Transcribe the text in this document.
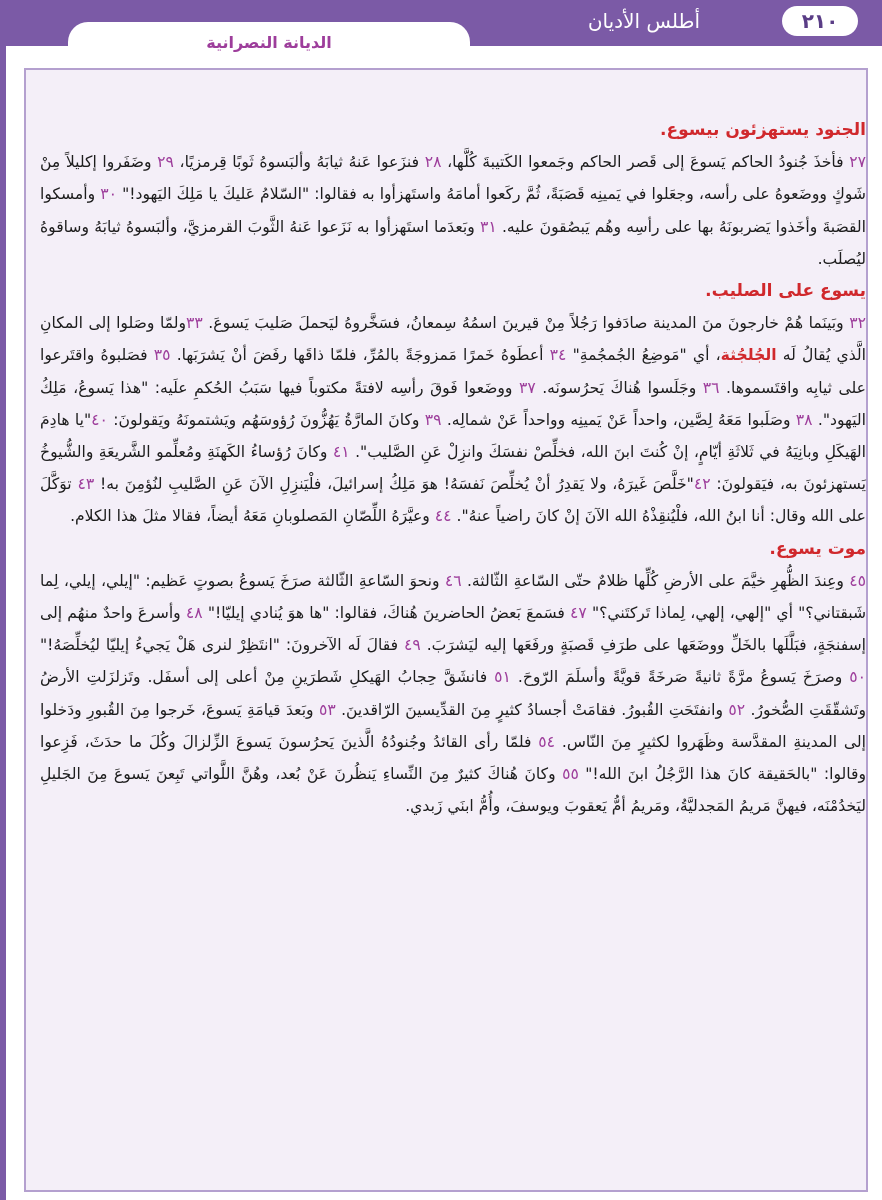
٢١٠
أطلس الأديان
الديانة النصرانية
الجنود يستهزئون بيسوع.

٢٧ فأخذَ جُنودُ الحاكم يَسوعَ إلى قَصر الحاكم وجَمعوا الكَتيبةَ كُلَّها، ٢٨ فنزَعوا عَنهُ ثيابَهُ وألبَسوهُ ثَوبًا قِرمزيًا، ٢٩ وضَفَروا إكليلاً مِنْ شَوكٍ ووضَعوهُ على رأسه، وجعَلوا في يَمينِه قَصَبَةً، ثُمَّ ركَعوا أمامَهُ واستَهزأوا به فقالوا: "السّلامُ عَليكَ يا مَلِكَ اليَهود!" ٣٠ وأمسكوا القصَبةَ وأخَذوا يَضربونَهُ بها على رأسِه وهُم يَبصُقونَ عليه. ٣١ وبَعدَما استَهزأوا به نَزَعوا عَنهُ الثَّوبَ القرمزيَّ، وألبَسوهُ ثيابَهُ وساقوهُ ليُصلَب.

يسوع على الصليب.

٣٢ وبَينَما هُمْ خارجونَ منَ المدينة صادَفوا رَجُلاً مِنْ قيرينَ اسمُهُ سِمعانُ، فسَخَّروهُ ليَحملَ صَليبَ يَسوعَ. ٣٣ولمّا وصَلوا إلى المكانِ الَّذي يُقالُ لَه الجُلجُثة، أي "مَوضِعُ الجُمجُمةِ" ٣٤ أعطَوهُ خَمرًا مَمزوجَةً بالمُرِّ، فلمّا ذاقَها رفَضَ أنْ يَشرَبَها. ٣٥ فصَلبوهُ واقتَرعوا على ثيابِه واقتَسموها. ٣٦ وجَلَسوا هُناكَ يَحرُسونَه. ٣٧ ووضَعوا فَوقَ رأسِه لافتةً مكتوباً فيها سَبَبُ الحُكمِ علَيه: "هذا يَسوعُ، مَلِكُ اليَهود". ٣٨ وصَلَبوا مَعَهُ لِصَّين، واحداً عَنْ يَمينِه وواحداً عَنْ شمالِه. ٣٩ وكانَ المارَّةُ يَهُزُّونَ رُؤوسَهُم ويَشتمونَهُ ويَقولونَ: ٤٠"يا هادِمَ الهَيكَلِ وبانِيَهُ في ثَلاثَةِ أيّامٍ، إنْ كُنتَ ابنَ الله، فخلِّصْ نفسَكَ وانزِلْ عَنِ الصَّليب". ٤١ وكانَ رُؤساءُ الكَهنَةِ ومُعلِّمو الشَّريعَةِ والشُّيوخُ يَستهزئونَ به، فيَقولونَ: ٤٢"خَلَّصَ غَيرَهُ، ولا يَقدِرُ أنْ يُخلِّصَ نَفسَهُ! هوَ مَلِكُ إسرائيلَ، فلْيَنزِلِ الآنَ عَنِ الصَّليبِ لنُؤمِنَ به! ٤٣ توَكَّلَ على الله وقال: أنا ابنُ الله، فلْيُنقِذْهُ الله الآنَ إنْ كانَ راضياً عنهُ". ٤٤ وعيَّرَهُ اللِّصّانِ المَصلوبانِ مَعَهُ أيضاً، فقالا مثلَ هذا الكلام.

موت يسوع.

٤٥ وعِندَ الظُّهرِ خيَّمَ على الأرضِ كُلِّها ظلامٌ حتّى السّاعةِ الثّالثة. ٤٦ ونحوَ السّاعةِ الثّالثة صرَخَ يَسوعُ بصوتٍ عَظيم: "إيلي، إيلي، لِما شَبقتاني؟" أي "إلهي، إلهي، لِماذا تَركتَني؟" ٤٧ فسَمعَ بَعضُ الحاضرينَ هُناكَ، فقالوا: "ها هوَ يُنادي إيليّا!" ٤٨ وأسرعَ واحدٌ منهُم إلى إسفنجَةٍ، فبَلَّلَها بالخَلِّ ووضَعَها على طرَفِ قَصبَةٍ ورفَعَها إليه ليَشرَبَ. ٤٩ فقالَ لَه الآخرونَ: "انتَظِرْ لنرى هَلْ يَجيءُ إيليّا ليُخلِّصَهُ!" ٥٠ وصرَخَ يَسوعُ مرَّةً ثانيةً صَرخَةً قويَّةً وأسلَمَ الرّوحَ. ٥١ فانشَقَّ حِجابُ الهَيكلِ شَطرَينِ مِنْ أعلى إلى أسفَل. وتَزلزَلتِ الأرضُ وتَشقّقَتِ الصُّخورُ. ٥٢ وانفتَحَتِ القُبورُ. فقامَتْ أجسادُ كثيرٍ مِنَ القدِّيسينَ الرّاقدينَ. ٥٣ وبَعدَ قيامَةِ يَسوعَ، خَرجوا مِنَ القُبورِ ودَخلوا إلى المدينةِ المقدَّسة وظَهَروا لكثيرٍ مِنَ النّاس. ٥٤ فلمّا رأى القائدُ وجُنودُهُ الَّذينَ يَحرُسونَ يَسوعَ الزِّلزالَ وكُلَ ما حدَثَ، فَزِعوا وقالوا: "بالحَقيقة كانَ هذا الرَّجُلُ ابنَ الله!" ٥٥ وكانَ هُناكَ كثيرٌ مِنَ النِّساءِ يَنظُرنَ عَنْ بُعد، وهُنَّ اللَّواتي تَبِعنَ يَسوعَ مِنَ الجَليلِ ليَخدُمْنَه، فيهنَّ مَريمُ المَجدليَّةُ، ومَريمُ أمُّ يَعقوبَ ويوسفَ، وأُمُّ ابنَي زَبدي.
